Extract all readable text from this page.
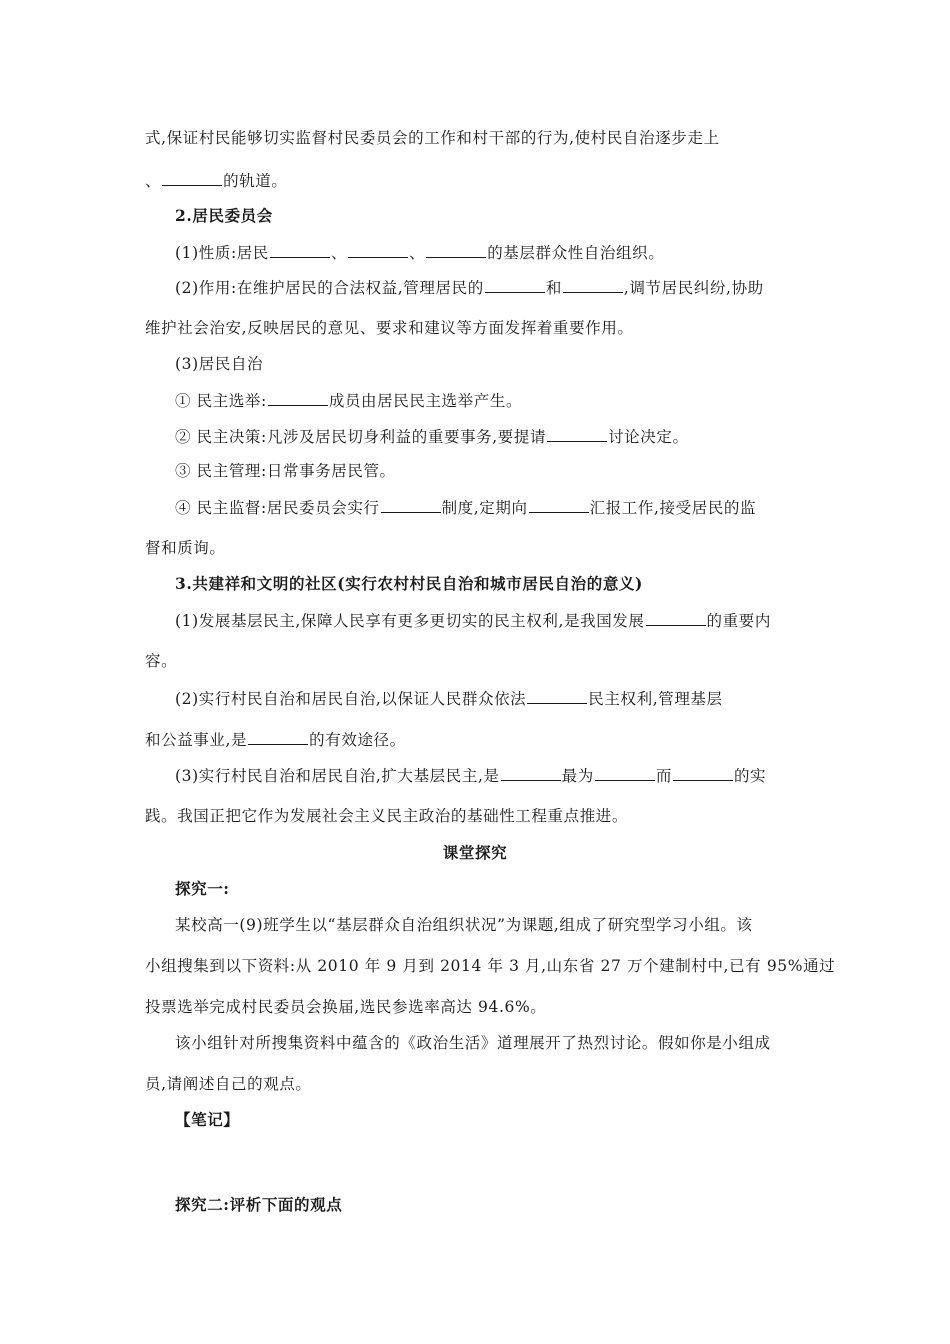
式,保证村民能够切实监督村民委员会的工作和村干部的行为,使村民自治逐步走上
、	的轨道。
2.居民委员会
(1)性质:居民	、	、	的基层群众性自治组织。
(2)作用:在维护居民的合法权益,管理居民的	和	,调节居民纠纷,协助
维护社会治安,反映居民的意见、要求和建议等方面发挥着重要作用。
(3)居民自治
① 民主选举:	成员由居民民主选举产生。
② 民主决策:凡涉及居民切身利益的重要事务,要提请	讨论决定。
③ 民主管理:日常事务居民管。
④ 民主监督:居民委员会实行	制度,定期向	汇报工作,接受居民的监
督和质询。
3.共建祥和文明的社区(实行农村村民自治和城市居民自治的意义)
(1)发展基层民主,保障人民享有更多更切实的民主权利,是我国发展	的重要内
容。
(2)实行村民自治和居民自治,以保证人民群众依法	民主权利,管理基层
和公益事业,是	的有效途径。
(3)实行村民自治和居民自治,扩大基层民主,是	最为	而	的实
践。我国正把它作为发展社会主义民主政治的基础性工程重点推进。
课堂探究
探究一:
某校高一(9)班学生以“基层群众自治组织状况”为课题,组成了研究型学习小组。该
小组搜集到以下资料:从 2010 年 9 月到 2014 年 3 月,山东省 27 万个建制村中,已有 95%通过
投票选举完成村民委员会换届,选民参选率高达 94.6%。
该小组针对所搜集资料中蕴含的《政治生活》道理展开了热烈讨论。假如你是小组成
员,请阐述自己的观点。
【笔记】
探究二:评析下面的观点
